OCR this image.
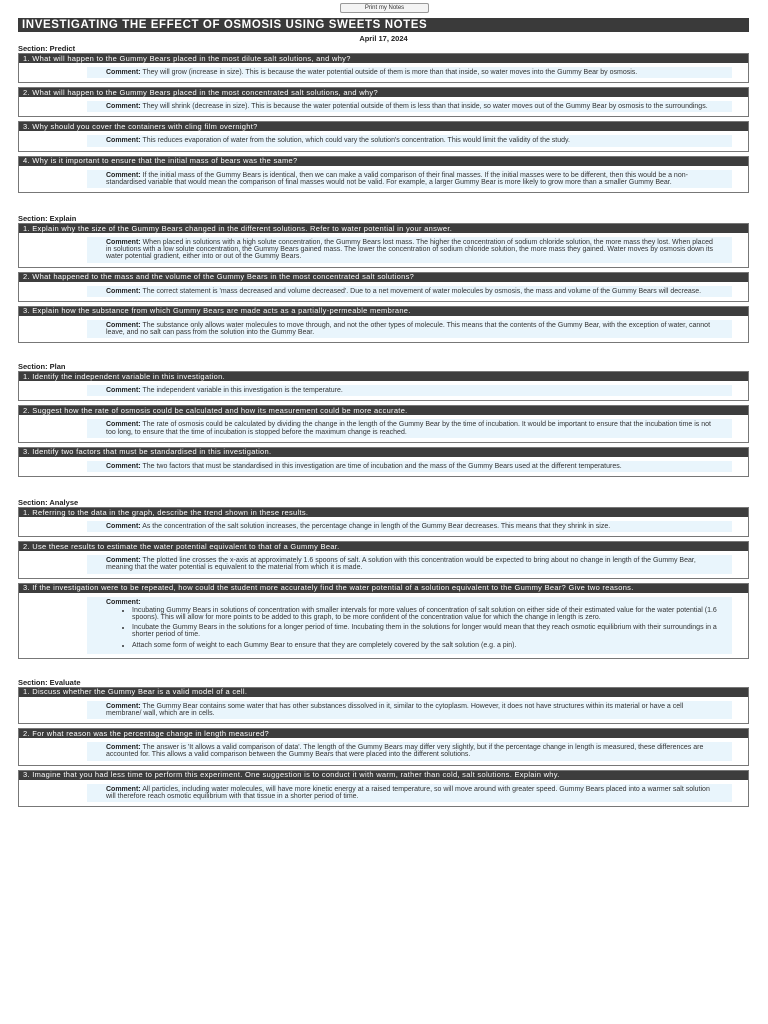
Print my Notes
INVESTIGATING THE EFFECT OF OSMOSIS USING SWEETS NOTES
April 17, 2024
Section: Predict
1. What will happen to the Gummy Bears placed in the most dilute salt solutions, and why?
Comment: They will grow (increase in size). This is because the water potential outside of them is more than that inside, so water moves into the Gummy Bear by osmosis.
2. What will happen to the Gummy Bears placed in the most concentrated salt solutions, and why?
Comment: They will shrink (decrease in size). This is because the water potential outside of them is less than that inside, so water moves out of the Gummy Bear by osmosis to the surroundings.
3. Why should you cover the containers with cling film overnight?
Comment: This reduces evaporation of water from the solution, which could vary the solution's concentration. This would limit the validity of the study.
4. Why is it important to ensure that the initial mass of bears was the same?
Comment: If the initial mass of the Gummy Bears is identical, then we can make a valid comparison of their final masses. If the initial masses were to be different, then this would be a non-standardised variable that would mean the comparison of final masses would not be valid. For example, a larger Gummy Bear is more likely to grow more than a smaller Gummy Bear.
Section: Explain
1. Explain why the size of the Gummy Bears changed in the different solutions. Refer to water potential in your answer.
Comment: When placed in solutions with a high solute concentration, the Gummy Bears lost mass. The higher the concentration of sodium chloride solution, the more mass they lost. When placed in solutions with a low solute concentration, the Gummy Bears gained mass. The lower the concentration of sodium chloride solution, the more mass they gained. Water moves by osmosis down its water potential gradient, either into or out of the Gummy Bears.
2. What happened to the mass and the volume of the Gummy Bears in the most concentrated salt solutions?
Comment: The correct statement is 'mass decreased and volume decreased'. Due to a net movement of water molecules by osmosis, the mass and volume of the Gummy Bears will decrease.
3. Explain how the substance from which Gummy Bears are made acts as a partially-permeable membrane.
Comment: The substance only allows water molecules to move through, and not the other types of molecule. This means that the contents of the Gummy Bear, with the exception of water, cannot leave, and no salt can pass from the solution into the Gummy Bear.
Section: Plan
1. Identify the independent variable in this investigation.
Comment: The independent variable in this investigation is the temperature.
2. Suggest how the rate of osmosis could be calculated and how its measurement could be more accurate.
Comment: The rate of osmosis could be calculated by dividing the change in the length of the Gummy Bear by the time of incubation. It would be important to ensure that the incubation time is not too long, to ensure that the time of incubation is stopped before the maximum change is reached.
3. Identify two factors that must be standardised in this investigation.
Comment: The two factors that must be standardised in this investigation are time of incubation and the mass of the Gummy Bears used at the different temperatures.
Section: Analyse
1. Referring to the data in the graph, describe the trend shown in these results.
Comment: As the concentration of the salt solution increases, the percentage change in length of the Gummy Bear decreases. This means that they shrink in size.
2. Use these results to estimate the water potential equivalent to that of a Gummy Bear.
Comment: The plotted line crosses the x-axis at approximately 1.6 spoons of salt. A solution with this concentration would be expected to bring about no change in length of the Gummy Bear, meaning that the water potential is equivalent to the material from which it is made.
3. If the investigation were to be repeated, how could the student more accurately find the water potential of a solution equivalent to the Gummy Bear? Give two reasons.
Comment:
• Incubating Gummy Bears in solutions of concentration with smaller intervals for more values of concentration of salt solution on either side of their estimated value for the water potential (1.6 spoons). This will allow for more points to be added to this graph, to be more confident of the concentration value for which the change in length is zero.
• Incubate the Gummy Bears in the solutions for a longer period of time. Incubating them in the solutions for longer would mean that they reach osmotic equilibrium with their surroundings in a shorter period of time.
• Attach some form of weight to each Gummy Bear to ensure that they are completely covered by the salt solution (e.g. a pin).
Section: Evaluate
1. Discuss whether the Gummy Bear is a valid model of a cell.
Comment: The Gummy Bear contains some water that has other substances dissolved in it, similar to the cytoplasm. However, it does not have structures within its material or have a cell membrane/ wall, which are in cells.
2. For what reason was the percentage change in length measured?
Comment: The answer is 'It allows a valid comparison of data'. The length of the Gummy Bears may differ very slightly, but if the percentage change in length is measured, these differences are accounted for. This allows a valid comparison between the Gummy Bears that were placed into the different solutions.
3. Imagine that you had less time to perform this experiment. One suggestion is to conduct it with warm, rather than cold, salt solutions. Explain why.
Comment: All particles, including water molecules, will have more kinetic energy at a raised temperature, so will move around with greater speed. Gummy Bears placed into a warmer salt solution will therefore reach osmotic equilibrium with that tissue in a shorter period of time.
